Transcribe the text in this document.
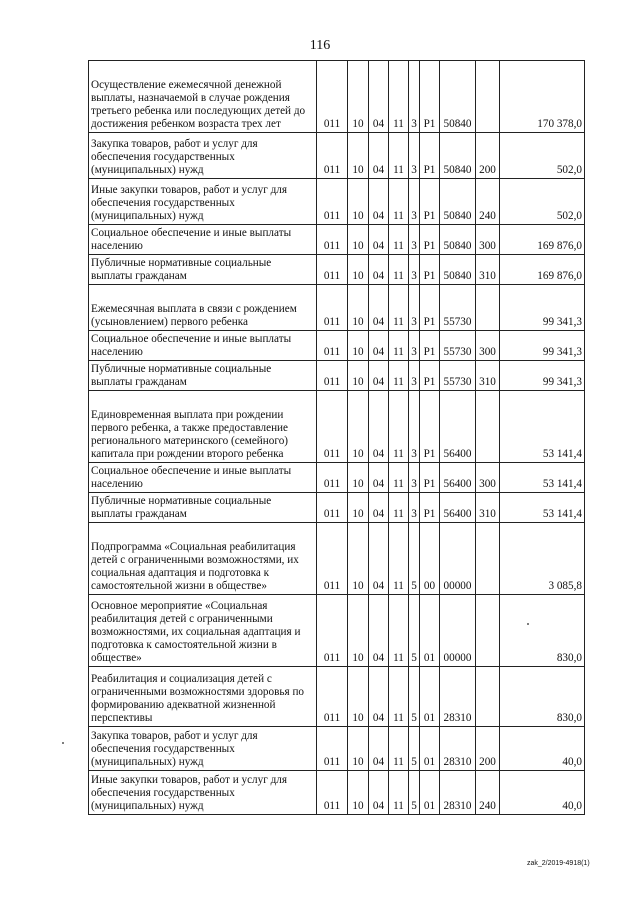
116
Осуществление ежемесячной денежной выплаты, назначаемой в случае рождения третьего ребенка или последующих детей до достижения ребенком возраста трех лет	011	10	04	11	3	Р1	50840		170 378,0
Закупка товаров, работ и услуг для обеспечения государственных (муниципальных) нужд	011	10	04	11	3	Р1	50840	200	502,0
Иные закупки товаров, работ и услуг для обеспечения государственных (муниципальных) нужд	011	10	04	11	3	Р1	50840	240	502,0
Социальное обеспечение и иные выплаты населению	011	10	04	11	3	Р1	50840	300	169 876,0
Публичные нормативные социальные выплаты гражданам	011	10	04	11	3	Р1	50840	310	169 876,0
Ежемесячная выплата в связи с рождением (усыновлением) первого ребенка	011	10	04	11	3	Р1	55730		99 341,3
Социальное обеспечение и иные выплаты населению	011	10	04	11	3	Р1	55730	300	99 341,3
Публичные нормативные социальные выплаты гражданам	011	10	04	11	3	Р1	55730	310	99 341,3
Единовременная выплата при рождении первого ребенка, а также предоставление регионального материнского (семейного) капитала при рождении второго ребенка	011	10	04	11	3	Р1	56400		53 141,4
Социальное обеспечение и иные выплаты населению	011	10	04	11	3	Р1	56400	300	53 141,4
Публичные нормативные социальные выплаты гражданам	011	10	04	11	3	Р1	56400	310	53 141,4
Подпрограмма «Социальная реабилитация детей с ограниченными возможностями, их социальная адаптация и подготовка к самостоятельной жизни в обществе»	011	10	04	11	5	00	00000		3 085,8
Основное мероприятие «Социальная реабилитация детей с ограниченными возможностями, их социальная адаптация и подготовка к самостоятельной жизни в обществе»	011	10	04	11	5	01	00000		830,0
Реабилитация и социализация детей с ограниченными возможностями здоровья по формированию адекватной жизненной перспективы	011	10	04	11	5	01	28310		830,0
Закупка товаров, работ и услуг для обеспечения государственных (муниципальных) нужд	011	10	04	11	5	01	28310	200	40,0
Иные закупки товаров, работ и услуг для обеспечения государственных (муниципальных) нужд	011	10	04	11	5	01	28310	240	40,0
zak_2/2019-4918(1)
